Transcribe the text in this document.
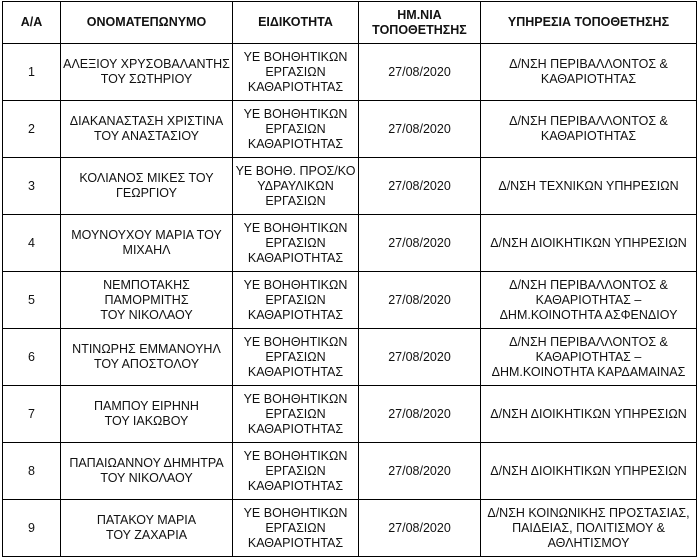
Α/Α	ΟΝΟΜΑΤΕΠΩΝΥΜΟ	ΕΙΔΙΚΟΤΗΤΑ	ΗΜ.ΝΙΑ
ΤΟΠΟΘΕΤΗΣΗΣ	ΥΠΗΡΕΣΙΑ ΤΟΠΟΘΕΤΗΣΗΣ
1	ΑΛΕΞΙΟΥ ΧΡΥΣΟΒΑΛΑΝΤΗΣ
ΤΟΥ ΣΩΤΗΡΙΟΥ	ΥΕ ΒΟΗΘΗΤΙΚΩΝ
ΕΡΓΑΣΙΩΝ
ΚΑΘΑΡΙΟΤΗΤΑΣ	27/08/2020	Δ/ΝΣΗ ΠΕΡΙΒΑΛΛΟΝΤΟΣ &
ΚΑΘΑΡΙΟΤΗΤΑΣ
2	ΔΙΑΚΑΝΑΣΤΑΣΗ ΧΡΙΣΤΙΝΑ
ΤΟΥ ΑΝΑΣΤΑΣΙΟΥ	ΥΕ ΒΟΗΘΗΤΙΚΩΝ
ΕΡΓΑΣΙΩΝ
ΚΑΘΑΡΙΟΤΗΤΑΣ	27/08/2020	Δ/ΝΣΗ ΠΕΡΙΒΑΛΛΟΝΤΟΣ &
ΚΑΘΑΡΙΟΤΗΤΑΣ
3	ΚΟΛΙΑΝΟΣ ΜΙΚΕΣ ΤΟΥ
ΓΕΩΡΓΙΟΥ	ΥΕ ΒΟΗΘ. ΠΡΟΣ/ΚΟ
ΥΔΡΑΥΛΙΚΩΝ
ΕΡΓΑΣΙΩΝ	27/08/2020	Δ/ΝΣΗ ΤΕΧΝΙΚΩΝ ΥΠΗΡΕΣΙΩΝ
4	ΜΟΥΝΟΥΧΟΥ ΜΑΡΙΑ ΤΟΥ
ΜΙΧΑΗΛ	ΥΕ ΒΟΗΘΗΤΙΚΩΝ
ΕΡΓΑΣΙΩΝ
ΚΑΘΑΡΙΟΤΗΤΑΣ	27/08/2020	Δ/ΝΣΗ ΔΙΟΙΚΗΤΙΚΩΝ ΥΠΗΡΕΣΙΩΝ
5	ΝΕΜΠΟΤΑΚΗΣ
ΠΑΜΟΡΜΙΤΗΣ
ΤΟΥ ΝΙΚΟΛΑΟΥ	ΥΕ ΒΟΗΘΗΤΙΚΩΝ
ΕΡΓΑΣΙΩΝ
ΚΑΘΑΡΙΟΤΗΤΑΣ	27/08/2020	Δ/ΝΣΗ ΠΕΡΙΒΑΛΛΟΝΤΟΣ &
ΚΑΘΑΡΙΟΤΗΤΑΣ –
ΔΗΜ.ΚΟΙΝΟΤΗΤΑ ΑΣΦΕΝΔΙΟΥ
6	ΝΤΙΝΩΡΗΣ ΕΜΜΑΝΟΥΗΛ
ΤΟΥ ΑΠΟΣΤΟΛΟΥ	ΥΕ ΒΟΗΘΗΤΙΚΩΝ
ΕΡΓΑΣΙΩΝ
ΚΑΘΑΡΙΟΤΗΤΑΣ	27/08/2020	Δ/ΝΣΗ ΠΕΡΙΒΑΛΛΟΝΤΟΣ &
ΚΑΘΑΡΙΟΤΗΤΑΣ –
ΔΗΜ.ΚΟΙΝΟΤΗΤΑ ΚΑΡΔΑΜΑΙΝΑΣ
7	ΠΑΜΠΟΥ ΕΙΡΗΝΗ
ΤΟΥ ΙΑΚΩΒΟΥ	ΥΕ ΒΟΗΘΗΤΙΚΩΝ
ΕΡΓΑΣΙΩΝ
ΚΑΘΑΡΙΟΤΗΤΑΣ	27/08/2020	Δ/ΝΣΗ ΔΙΟΙΚΗΤΙΚΩΝ ΥΠΗΡΕΣΙΩΝ
8	ΠΑΠΑΙΩΑΝΝΟΥ ΔΗΜΗΤΡΑ
ΤΟΥ ΝΙΚΟΛΑΟΥ	ΥΕ ΒΟΗΘΗΤΙΚΩΝ
ΕΡΓΑΣΙΩΝ
ΚΑΘΑΡΙΟΤΗΤΑΣ	27/08/2020	Δ/ΝΣΗ ΔΙΟΙΚΗΤΙΚΩΝ ΥΠΗΡΕΣΙΩΝ
9	ΠΑΤΑΚΟΥ ΜΑΡΙΑ
ΤΟΥ ΖΑΧΑΡΙΑ	ΥΕ ΒΟΗΘΗΤΙΚΩΝ
ΕΡΓΑΣΙΩΝ
ΚΑΘΑΡΙΟΤΗΤΑΣ	27/08/2020	Δ/ΝΣΗ ΚΟΙΝΩΝΙΚΗΣ ΠΡΟΣΤΑΣΙΑΣ,
ΠΑΙΔΕΙΑΣ, ΠΟΛΙΤΙΣΜΟΥ &
ΑΘΛΗΤΙΣΜΟΥ
